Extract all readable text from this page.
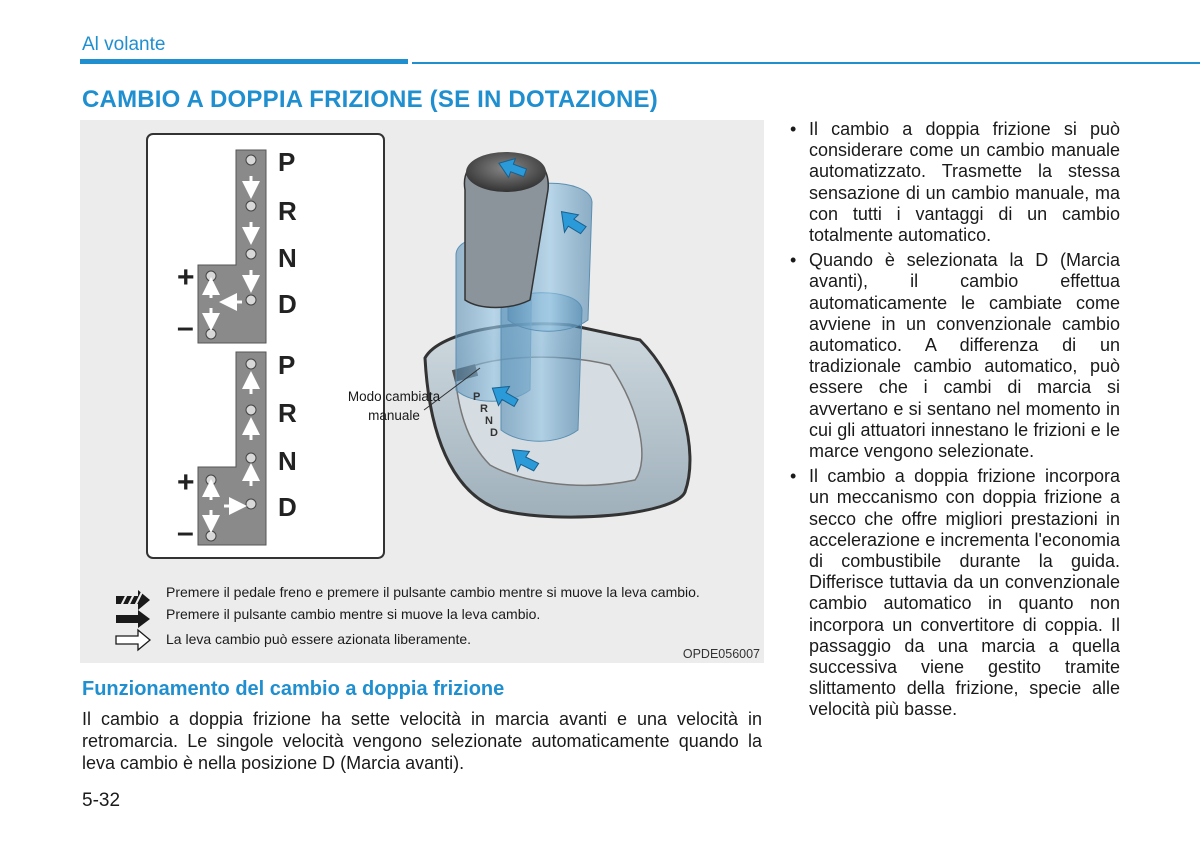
Al volante
CAMBIO A DOPPIA FRIZIONE (SE IN DOTAZIONE)
+
–
P
R
N
D
+
–
P
R
N
D
P
R
N
D
Modo cambiata manuale
Premere il pedale freno e premere il pulsante cambio mentre si muove la leva cambio.
Premere il pulsante cambio mentre si muove la leva cambio.
La leva cambio può essere azionata liberamente.
OPDE056007
Funzionamento del cambio a doppia frizione
Il cambio a doppia frizione ha sette velocità in marcia avanti e una velocità in retromarcia. Le singole velocità vengono selezionate automaticamente quando la leva cambio è nella posizione D (Marcia avanti).
• Il cambio a doppia frizione si può considerare come un cambio manuale automatizzato. Trasmette la stessa sensazione di un cambio manuale, ma con tutti i vantaggi di un cambio totalmente automatico.
• Quando è selezionata la D (Marcia avanti), il cambio effettua automaticamente le cambiate come avviene in un convenzionale cambio automatico. A differenza di un tradizionale cambio automatico, può essere che i cambi di marcia si avvertano e si sentano nel momento in cui gli attuatori innestano le frizioni e le marce vengono selezionate.
• Il cambio a doppia frizione incorpora un meccanismo con doppia frizione a secco che offre migliori prestazioni in accelerazione e incrementa l'economia di combustibile durante la guida. Differisce tuttavia da un convenzionale cambio automatico in quanto non incorpora un convertitore di coppia. Il passaggio da una marcia a quella successiva viene gestito tramite slittamento della frizione, specie alle velocità più basse.
5-32
